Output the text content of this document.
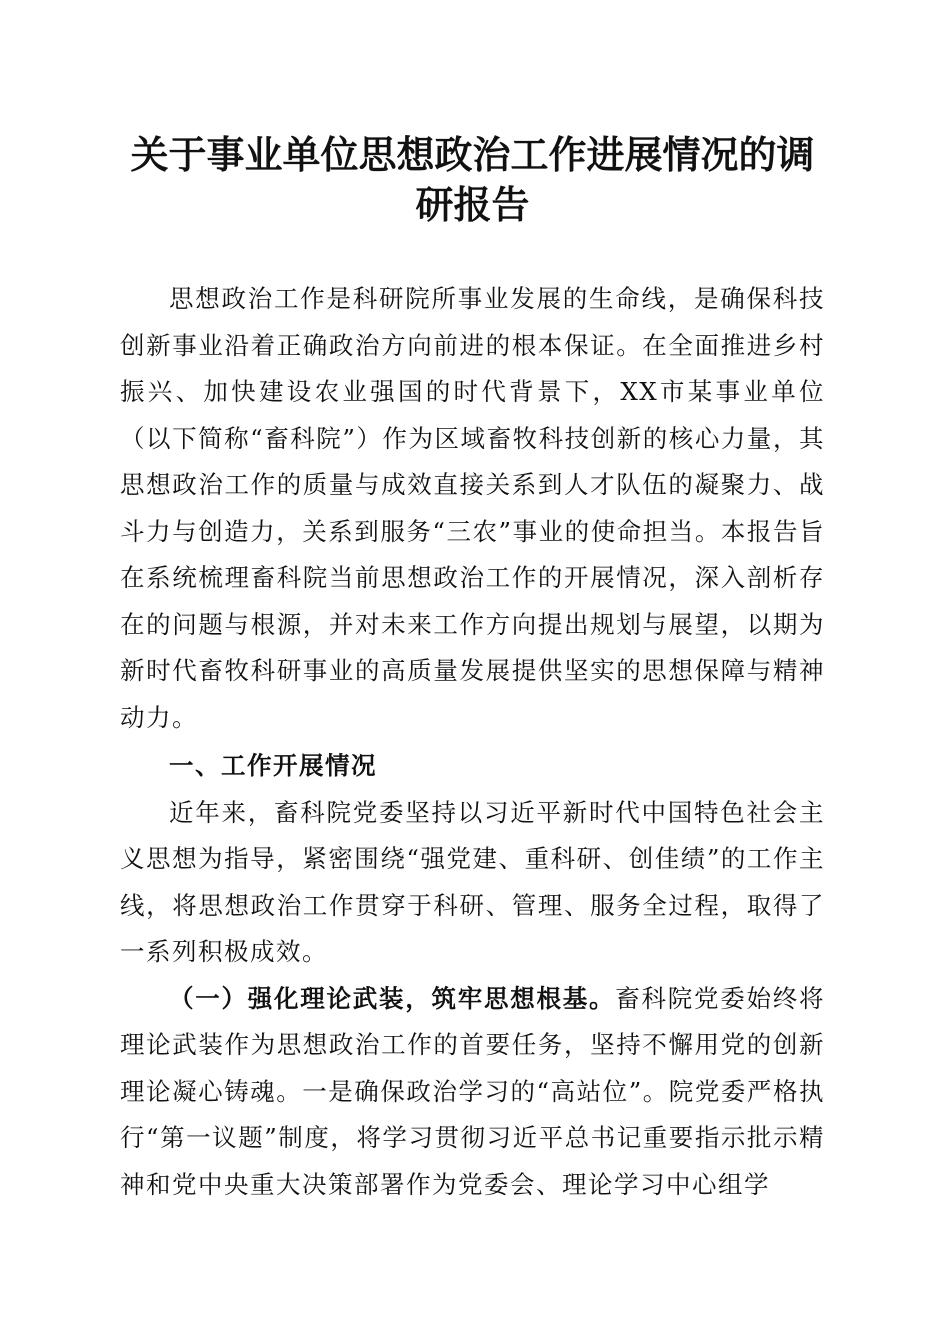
关于事业单位思想政治工作进展情况的调研报告

思想政治工作是科研院所事业发展的生命线，是确保科技创新事业沿着正确政治方向前进的根本保证。在全面推进乡村振兴、加快建设农业强国的时代背景下，XX市某事业单位（以下简称“畜科院”）作为区域畜牧科技创新的核心力量，其思想政治工作的质量与成效直接关系到人才队伍的凝聚力、战斗力与创造力，关系到服务“三农”事业的使命担当。本报告旨在系统梳理畜科院当前思想政治工作的开展情况，深入剖析存在的问题与根源，并对未来工作方向提出规划与展望，以期为新时代畜牧科研事业的高质量发展提供坚实的思想保障与精神动力。

一、工作开展情况

近年来，畜科院党委坚持以习近平新时代中国特色社会主义思想为指导，紧密围绕“强党建、重科研、创佳绩”的工作主线，将思想政治工作贯穿于科研、管理、服务全过程，取得了一系列积极成效。

（一）强化理论武装，筑牢思想根基。畜科院党委始终将理论武装作为思想政治工作的首要任务，坚持不懈用党的创新理论凝心铸魂。一是确保政治学习的“高站位”。院党委严格执行“第一议题”制度，将学习贯彻习近平总书记重要指示批示精神和党中央重大决策部署作为党委会、理论学习中心组学
